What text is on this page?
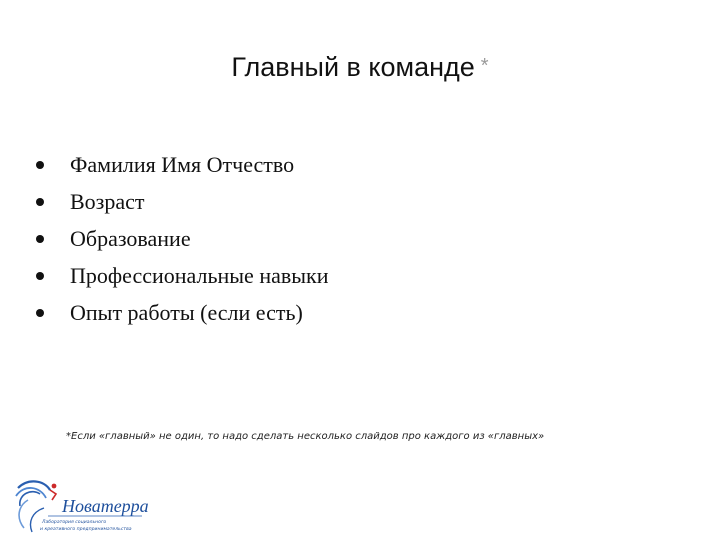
Главный в команде *
Фамилия Имя Отчество
Возраст
Образование
Профессиональные навыки
Опыт работы (если есть)
*Если «главный» не один, то надо сделать несколько слайдов про каждого из «главных»
Новатерра
Лаборатория социального
и креативного предпринимательства
